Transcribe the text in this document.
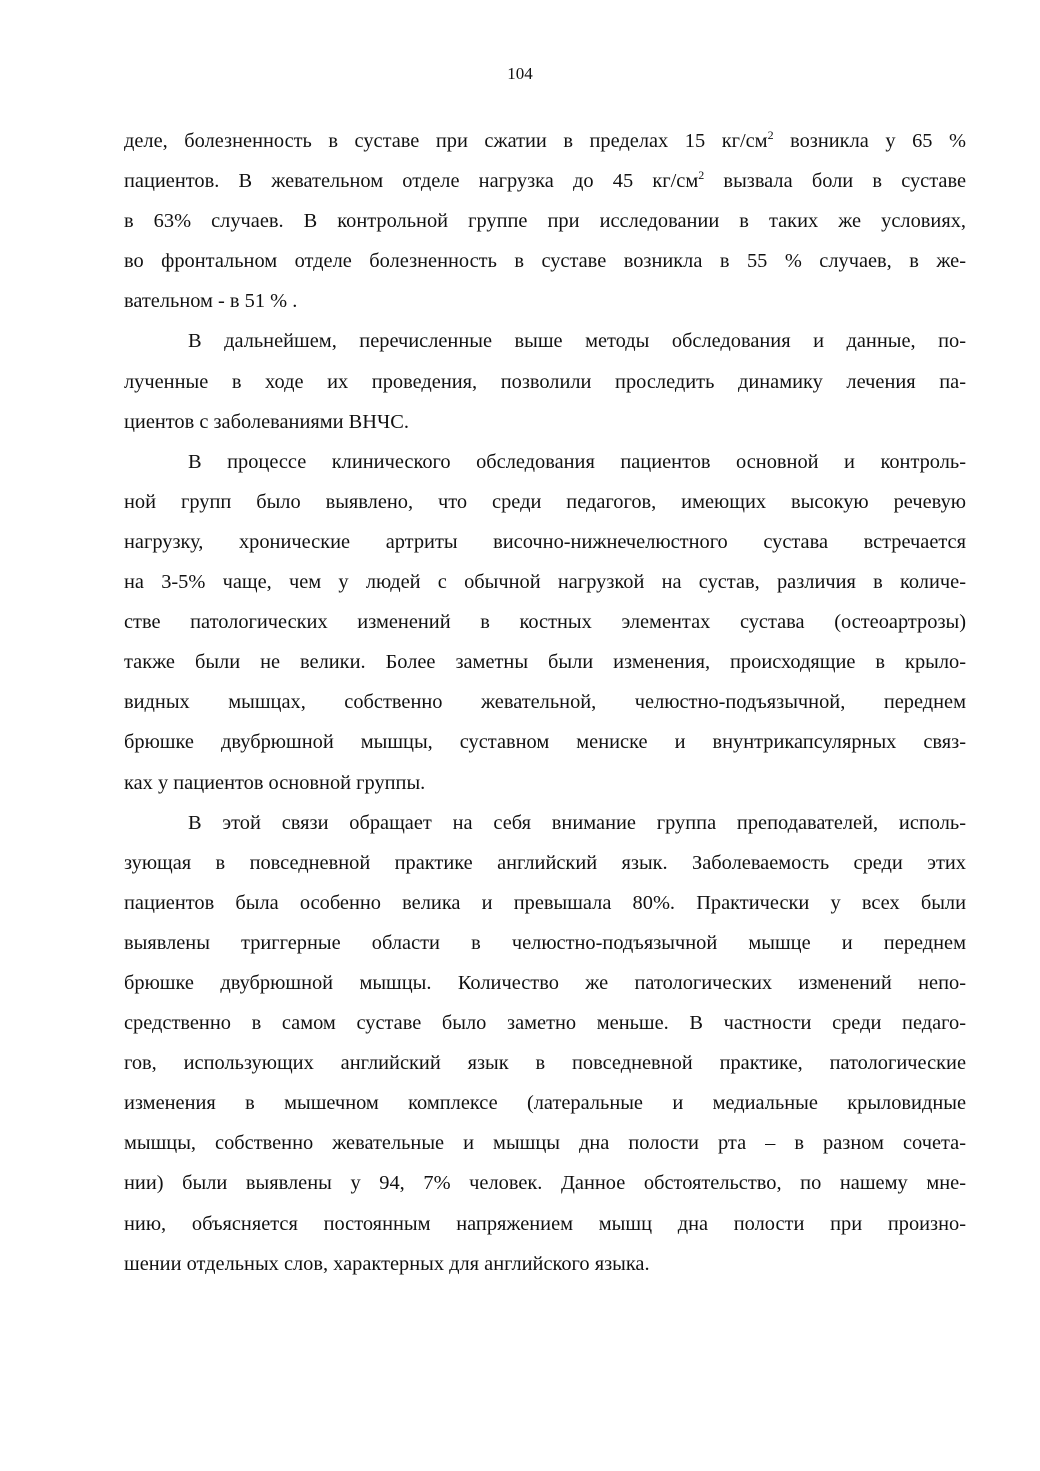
104
деле, болезненность в суставе при сжатии в пределах 15 $кг/см^2$ возникла у 65 %
пациентов. В жевательном отделе нагрузка до 45 $кг/см^2$ вызвала боли в суставе
в 63% случаев. В контрольной группе при исследовании в таких же условиях,
во фронтальном отделе болезненность в суставе возникла в 55 % случаев, в же-
вательном - в 51 % .
В дальнейшем, перечисленные выше методы обследования и данные, по-
лученные в ходе их проведения, позволили проследить динамику лечения па-
циентов с заболеваниями ВНЧС.
В процессе клинического обследования пациентов основной и контроль-
ной групп было выявлено, что среди педагогов, имеющих высокую речевую
нагрузку, хронические артриты височно-нижнечелюстного сустава встречается
на 3-5% чаще, чем у людей с обычной нагрузкой на сустав, различия в количе-
стве патологических изменений в костных элементах сустава (остеоартрозы)
также были не велики. Более заметны были изменения, происходящие в крыло-
видных мышцах, собственно жевательной, челюстно-подъязычной, переднем
брюшке двубрюшной мышцы, суставном мениске и внунтрикапсулярных связ-
ках у пациентов основной группы.
В этой связи обращает на себя внимание группа преподавателей, исполь-
зующая в повседневной практике английский язык. Заболеваемость среди этих
пациентов была особенно велика и превышала 80%. Практически у всех были
выявлены триггерные области в челюстно-подъязычной мышце и переднем
брюшке двубрюшной мышцы. Количество же патологических изменений непо-
средственно в самом суставе было заметно меньше. В частности среди педаго-
гов, использующих английский язык в повседневной практике, патологические
изменения в мышечном комплексе (латеральные и медиальные крыловидные
мышцы, собственно жевательные и мышцы дна полости рта – в разном сочета-
нии) были выявлены у 94, 7% человек. Данное обстоятельство, по нашему мне-
нию, объясняется постоянным напряжением мышц дна полости при произно-
шении отдельных слов, характерных для английского языка.
